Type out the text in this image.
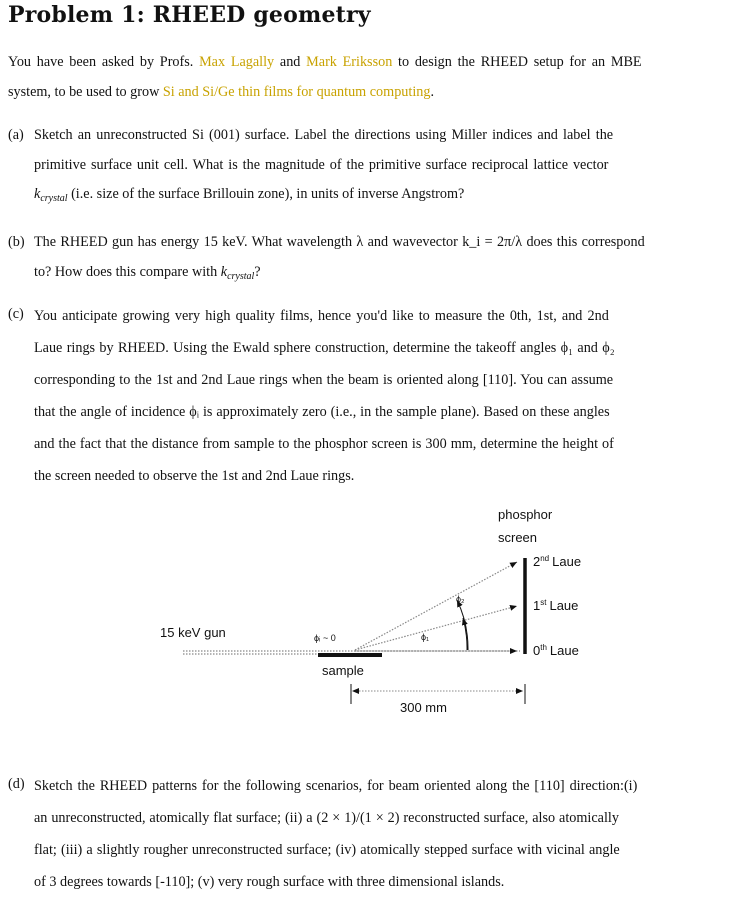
Problem 1: RHEED geometry
You have been asked by Profs. Max Lagally and Mark Eriksson to design the RHEED setup for an MBE
system, to be used to grow Si and Si/Ge thin films for quantum computing.
(a) Sketch an unreconstructed Si (001) surface. Label the directions using Miller indices and label the
primitive surface unit cell. What is the magnitude of the primitive surface reciprocal lattice vector
$k_{crystal}$ (i.e. size of the surface Brillouin zone), in units of inverse Angstrom?
(b) The RHEED gun has energy 15 keV. What wavelength λ and wavevector k_i = 2π/λ does this correspond
to? How does this compare with $k_{crystal}$?
(c) You anticipate growing very high quality films, hence you'd like to measure the 0th, 1st, and 2nd
Laue rings by RHEED. Using the Ewald sphere construction, determine the takeoff angles ϕ₁ and ϕ₂
corresponding to the 1st and 2nd Laue rings when the beam is oriented along [110]. You can assume
that the angle of incidence ϕᵢ is approximately zero (i.e., in the sample plane). Based on these angles
and the fact that the distance from sample to the phosphor screen is 300 mm, determine the height of
the screen needed to observe the 1st and 2nd Laue rings.
phosphor
screen
sample
15 keV gun	ϕᵢ ~ 0	ϕ₁
ϕ₂
2nd Laue
1st Laue
0th Laue
300 mm
(d) Sketch the RHEED patterns for the following scenarios, for beam oriented along the [110] direction:(i)
an unreconstructed, atomically flat surface; (ii) a (2 × 1)/(1 × 2) reconstructed surface, also atomically
flat; (iii) a slightly rougher unreconstructed surface; (iv) atomically stepped surface with vicinal angle
of 3 degrees towards [-110]; (v) very rough surface with three dimensional islands.
